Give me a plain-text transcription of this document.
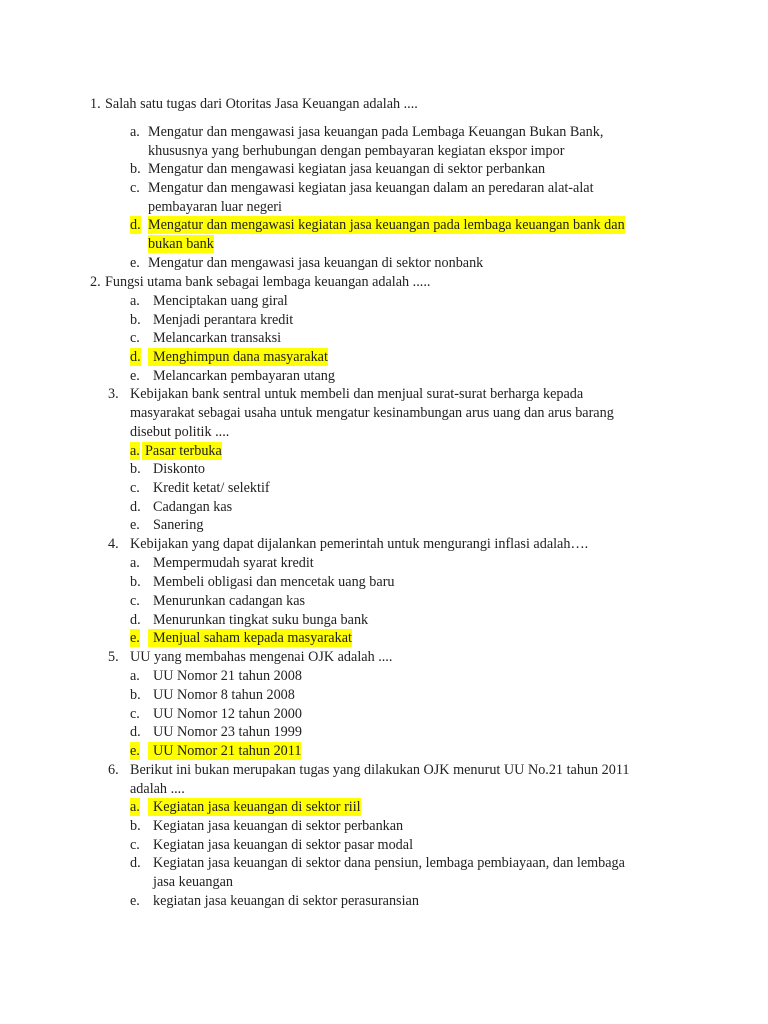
1. Salah satu tugas dari Otoritas Jasa Keuangan adalah ....
a. Mengatur dan mengawasi jasa keuangan pada Lembaga Keuangan Bukan Bank,
khususnya yang berhubungan dengan pembayaran kegiatan ekspor impor
b. Mengatur dan mengawasi kegiatan jasa keuangan di sektor perbankan
c. Mengatur dan mengawasi kegiatan jasa keuangan dalam an peredaran alat-alat
pembayaran luar negeri
d. Mengatur dan mengawasi kegiatan jasa keuangan pada lembaga keuangan bank dan
bukan bank
e. Mengatur dan mengawasi jasa keuangan di sektor nonbank
2. Fungsi utama bank sebagai lembaga keuangan adalah .....
a. Menciptakan uang giral
b. Menjadi perantara kredit
c. Melancarkan transaksi
d. Menghimpun dana masyarakat
e. Melancarkan pembayaran utang
3. Kebijakan bank sentral untuk membeli dan menjual surat-surat berharga kepada
masyarakat sebagai usaha untuk mengatur kesinambungan arus uang dan arus barang
disebut politik ....
a. Pasar terbuka
b. Diskonto
c. Kredit ketat/ selektif
d. Cadangan kas
e. Sanering
4. Kebijakan yang dapat dijalankan pemerintah untuk mengurangi inflasi adalah….
a. Mempermudah syarat kredit
b. Membeli obligasi dan mencetak uang baru
c. Menurunkan cadangan kas
d. Menurunkan tingkat suku bunga bank
e. Menjual saham kepada masyarakat
5. UU yang membahas mengenai OJK adalah ....
a. UU Nomor 21 tahun 2008
b. UU Nomor 8 tahun 2008
c. UU Nomor 12 tahun 2000
d. UU Nomor 23 tahun 1999
e. UU Nomor 21 tahun 2011
6. Berikut ini bukan merupakan tugas yang dilakukan OJK menurut UU No.21 tahun 2011
adalah ....
a. Kegiatan jasa keuangan di sektor riil
b. Kegiatan jasa keuangan di sektor perbankan
c. Kegiatan jasa keuangan di sektor pasar modal
d. Kegiatan jasa keuangan di sektor dana pensiun, lembaga pembiayaan, dan lembaga
jasa keuangan
e. kegiatan jasa keuangan di sektor perasuransian
